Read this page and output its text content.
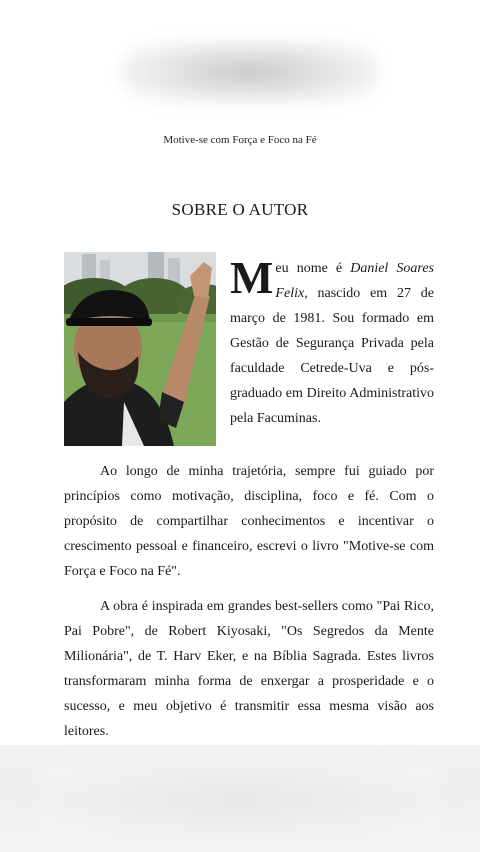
Motive-se com Força e Foco na Fé
SOBRE O AUTOR
M eu nome é Daniel Soares Felix, nascido em 27 de março de 1981. Sou formado em Gestão de Segurança Privada pela faculdade Cetrede-Uva e pós-graduado em Direito Administrativo pela Facuminas.

Ao longo de minha trajetória, sempre fui guiado por princípios como motivação, disciplina, foco e fé. Com o propósito de compartilhar conhecimentos e incentivar o crescimento pessoal e financeiro, escrevi o livro "Motive-se com Força e Foco na Fé".

A obra é inspirada em grandes best-sellers como "Pai Rico, Pai Pobre", de Robert Kiyosaki, "Os Segredos da Mente Milionária", de T. Harv Eker, e na Bíblia Sagrada. Estes livros transformaram minha forma de enxergar a prosperidade e o sucesso, e meu objetivo é transmitir essa mesma visão aos leitores.
